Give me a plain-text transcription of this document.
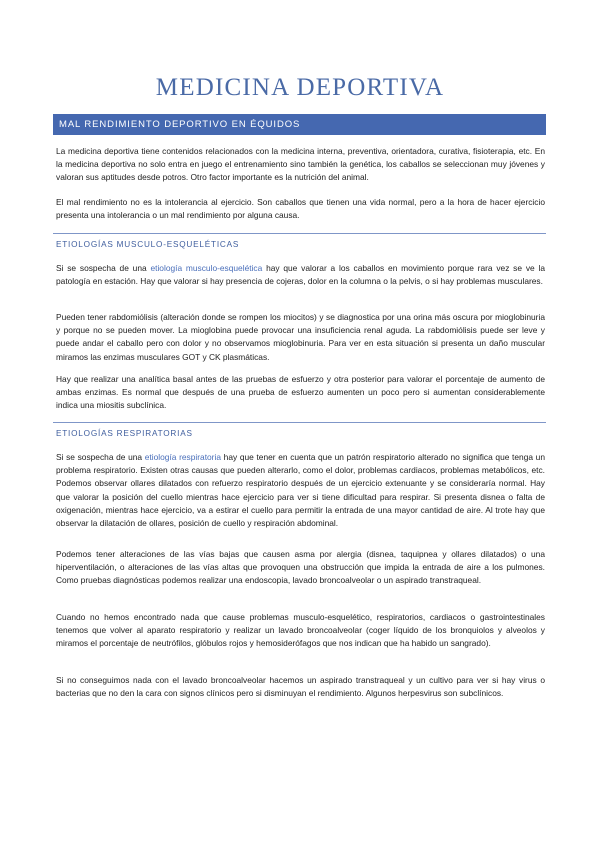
MEDICINA DEPORTIVA
MAL RENDIMIENTO DEPORTIVO EN ÉQUIDOS

La medicina deportiva tiene contenidos relacionados con la medicina interna, preventiva, orientadora, curativa, fisioterapia, etc. En la medicina deportiva no solo entra en juego el entrenamiento sino también la genética, los caballos se seleccionan muy jóvenes y valoran sus aptitudes desde potros. Otro factor importante es la nutrición del animal.

El mal rendimiento no es la intolerancia al ejercicio. Son caballos que tienen una vida normal, pero a la hora de hacer ejercicio presenta una intolerancia o un mal rendimiento por alguna causa.

ETIOLOGÍAS MUSCULO-ESQUELÉTICAS

Si se sospecha de una etiología musculo-esquelética hay que valorar a los caballos en movimiento porque rara vez se ve la patología en estación. Hay que valorar si hay presencia de cojeras, dolor en la columna o la pelvis, o si hay problemas musculares.

Pueden tener rabdomiólisis (alteración donde se rompen los miocitos) y se diagnostica por una orina más oscura por mioglobinuria y porque no se pueden mover. La mioglobina puede provocar una insuficiencia renal aguda. La rabdomiólisis puede ser leve y puede andar el caballo pero con dolor y no observamos mioglobinuria. Para ver en esta situación si presenta un daño muscular miramos las enzimas musculares GOT y CK plasmáticas.

Hay que realizar una analítica basal antes de las pruebas de esfuerzo y otra posterior para valorar el porcentaje de aumento de ambas enzimas. Es normal que después de una prueba de esfuerzo aumenten un poco pero si aumentan considerablemente indica una miositis subclínica.

ETIOLOGÍAS RESPIRATORIAS

Si se sospecha de una etiología respiratoria hay que tener en cuenta que un patrón respiratorio alterado no significa que tenga un problema respiratorio. Existen otras causas que pueden alterarlo, como el dolor, problemas cardiacos, problemas metabólicos, etc. Podemos observar ollares dilatados con refuerzo respiratorio después de un ejercicio extenuante y se consideraría normal. Hay que valorar la posición del cuello mientras hace ejercicio para ver si tiene dificultad para respirar. Si presenta disnea o falta de oxigenación, mientras hace ejercicio, va a estirar el cuello para permitir la entrada de una mayor cantidad de aire. Al trote hay que observar la dilatación de ollares, posición de cuello y respiración abdominal.

Podemos tener alteraciones de las vías bajas que causen asma por alergia (disnea, taquipnea y ollares dilatados) o una hiperventilación, o alteraciones de las vías altas que provoquen una obstrucción que impida la entrada de aire a los pulmones. Como pruebas diagnósticas podemos realizar una endoscopia, lavado broncoalveolar o un aspirado transtraqueal.

Cuando no hemos encontrado nada que cause problemas musculo-esquelético, respiratorios, cardiacos o gastrointestinales tenemos que volver al aparato respiratorio y realizar un lavado broncoalveolar (coger líquido de los bronquiolos y alveolos y miramos el porcentaje de neutrófilos, glóbulos rojos y hemosiderófagos que nos indican que ha habido un sangrado).

Si no conseguimos nada con el lavado broncoalveolar hacemos un aspirado transtraqueal y un cultivo para ver si hay virus o bacterias que no den la cara con signos clínicos pero si disminuyan el rendimiento. Algunos herpesvirus son subclínicos.
